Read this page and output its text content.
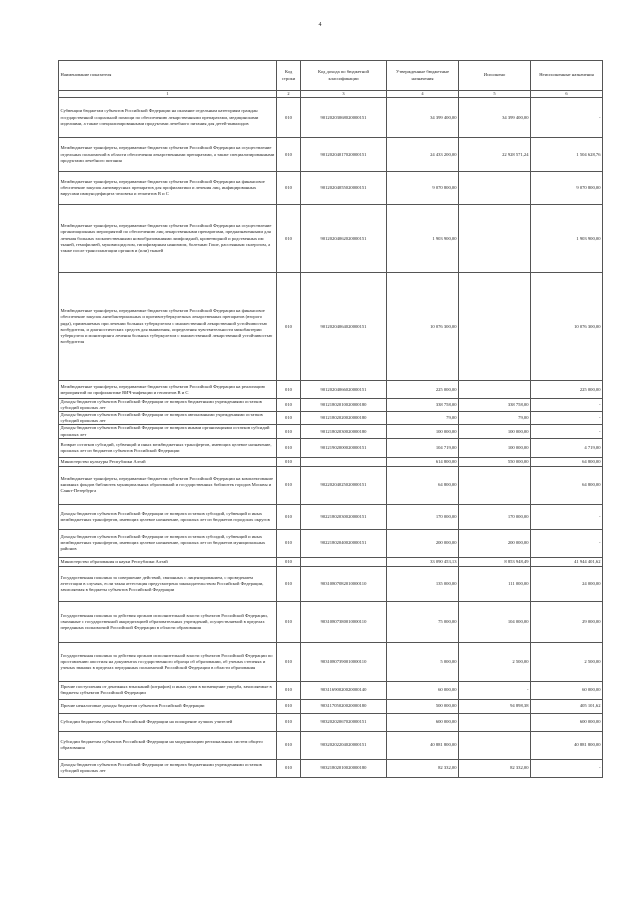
4
Наименование показателя	Код строки	Код дохода по бюджетной классификации	Утвержденные бюджетные назначения	Исполнено	Неисполненные назначения
1	2	3	4	5	6
Субвенции бюджетам субъектов Российской Федерации на оказание отдельным категориям граждан государственной социальной помощи по обеспечению лекарственными препаратами, медицинскими изделиями, а также специализированными продуктами лечебного питания для детей-инвалидов	010	90120203068020000151	34 399 400,00	34 399 400,00	-
Межбюджетные трансферты, передаваемые бюджетам субъектов Российской Федерации на осуществление отдельных полномочий в области обеспечения лекарственными препаратами, а также специализированными продуктами лечебного питания	010	90120204017020000151	24 433 200,00	22 928 571,24	1 504 628,76
Межбюджетные трансферты, передаваемые бюджетам субъектов Российской Федерации на финансовое обеспечение закупок антивирусных препаратов для профилактики и лечения лиц, инфицированных вирусами иммунодефицита человека и гепатитов В и С	010	90120204055020000151	9 070 800,00		9 070 800,00
Межбюджетные трансферты, передаваемые бюджетам субъектов Российской Федерации на осуществление организационных мероприятий по обеспечению лиц лекарственными препаратами, предназначенными для лечения больных злокачественными новообразованиями лимфоидной, кроветворной и родственных им тканей, гемофилией, муковисцидозом, гипофизарным нанизмом, болезнью Гоше, рассеянным склерозом, а также после трансплантации органов и (или) тканей	010	90120204062020000151	1 903 900,00		1 903 900,00
Межбюджетные трансферты, передаваемые бюджетам субъектов Российской Федерации на финансовое обеспечение закупок антибактериальных и противотуберкулезных лекарственных препаратов (второго ряда), применяемых при лечении больных туберкулезом с множественной лекарственной устойчивостью возбудителя, и диагностических средств для выявления, определения чувствительности микобактерии туберкулеза и мониторинга лечения больных туберкулезом с множественной лекарственной устойчивостью возбудителя	010	90120204064020000151	10 076 300,00		10 076 300,00
Межбюджетные трансферты, передаваемые бюджетам субъектов Российской Федерации на реализацию мероприятий по профилактике ВИЧ-инфекции и гепатитов В и С	010	90120204066020000151	225 000,00		225 000,00
Доходы бюджетов субъектов Российской Федерации от возврата бюджетными учреждениями остатков субсидий прошлых лет	010	90121802010020000180	338 758,00	338 758,00	-
Доходы бюджетов субъектов Российской Федерации от возврата автономными учреждениями остатков субсидий прошлых лет	010	90121802020020000180	79,00	79,00	-
Доходы бюджетов субъектов Российской Федерации от возврата иными организациями остатков субсидий прошлых лет	010	90121802030020000180	100 000,00	100 000,00	-
Возврат остатков субсидий, субвенций и иных межбюджетных трансфертов, имеющих целевое назначение, прошлых лет из бюджетов субъектов Российской Федерации	010	90121902000020000151	104 719,00	100 000,00	4 719,00
Министерство культуры Республики Алтай	010		614 800,00	550 000,00	64 800,00
Межбюджетные трансферты, передаваемые бюджетам субъектов Российской Федерации на комплектование книжных фондов библиотек муниципальных образований и государственных библиотек городов Москвы и Санкт-Петербурга	010	90220204025020000151	64 800,00		64 800,00
Доходы бюджетов субъектов Российской Федерации от возврата остатков субсидий, субвенций и иных межбюджетных трансфертов, имеющих целевое назначение, прошлых лет из бюджетов городских округов	010	90221802030020000151	170 000,00	170 000,00	-
Доходы бюджетов субъектов Российской Федерации от возврата остатков субсидий, субвенций и иных межбюджетных трансфертов, имеющих целевое назначение, прошлых лет из бюджетов муниципальных районов	010	90221802040020000151	200 000,00	200 000,00	-
Министерство образования и науки Республики Алтай	010		33 090 453,13	8 853 948,49	41 944 401,62
Государственная пошлина за совершение действий, связанных с лицензированием, с проведением аттестации в случаях, если такая аттестация предусмотрена законодательством Российской Федерации, зачисляемая в бюджеты субъектов Российской Федерации	010	90310807082010000110	135 000,00	111 000,00	24 000,00
Государственная пошлина за действия органов исполнительной власти субъектов Российской Федерации, связанные с государственной аккредитацией образовательных учреждений, осуществляемой в пределах переданных полномочий Российской Федерации в области образования	010	90310807380010000110	75 000,00	104 000,00	29 000,00
Государственная пошлина за действия органов исполнительной власти субъектов Российской Федерации по проставлению апостиля на документах государственного образца об образовании, об ученых степенях и ученых званиях в пределах переданных полномочий Российской Федерации в области образования	010	90310807390010000110	5 000,00	2 500,00	2 500,00
Прочие поступления от денежных взысканий (штрафов) и иных сумм в возмещение ущерба, зачисляемые в бюджеты субъектов Российской Федерации	010	90311690020020000140	60 000,00	-	60 000,00
Прочие неналоговые доходы бюджетов субъектов Российской Федерации	010	90311705020020000180	500 000,00	94 898,38	405 101,62
Субсидии бюджетам субъектов Российской Федерации на поощрение лучших учителей	010	90320202067020000151	600 000,00		600 000,00
Субсидии бюджетам субъектов Российской Федерации на модернизацию региональных систем общего образования	010	90320202204020000151	40 881 800,00		40 881 800,00
Доходы бюджетов субъектов Российской Федерации от возврата бюджетными учреждениями остатков субсидий прошлых лет	010	90321802010020000180	82 332,00	82 332,00	-
